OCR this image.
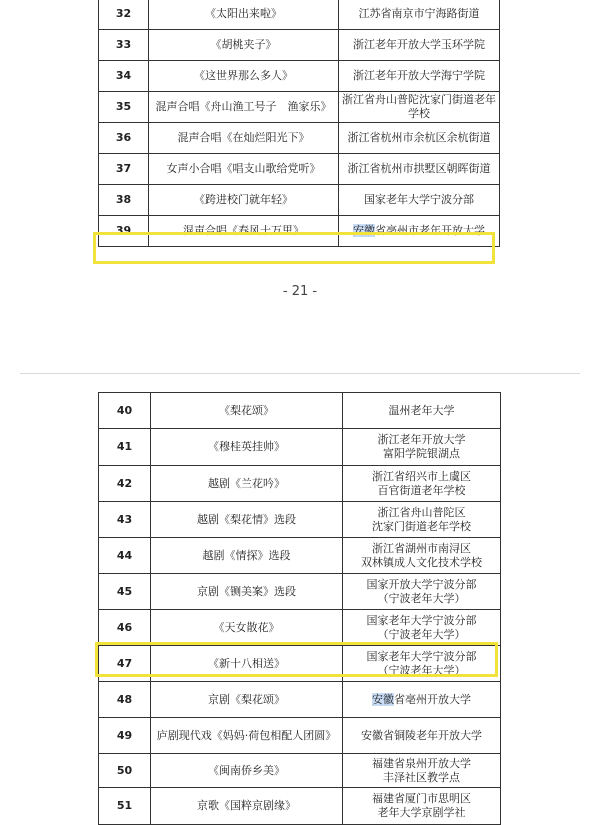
32	《太阳出来啦》	江苏省南京市宁海路街道
33	《胡桃夹子》	浙江老年开放大学玉环学院
34	《这世界那么多人》	浙江老年开放大学海宁学院
35	混声合唱《舟山渔工号子　渔家乐》	浙江省舟山普陀沈家门街道老年学校
36	混声合唱《在灿烂阳光下》	浙江省杭州市余杭区余杭街道
37	女声小合唱《唱支山歌给党听》	浙江省杭州市拱墅区朝晖街道
38	《跨进校门就年轻》	国家老年大学宁波分部
39	混声合唱《春风十万里》	安徽省亳州市老年开放大学
- 21 -
40	《梨花颂》	温州老年大学
41	《穆桂英挂帅》	浙江老年开放大学
富阳学院银湖点
42	越剧《兰花吟》	浙江省绍兴市上虞区
百官街道老年学校
43	越剧《梨花情》选段	浙江省舟山普陀区
沈家门街道老年学校
44	越剧《情探》选段	浙江省湖州市南浔区
双林镇成人文化技术学校
45	京剧《铡美案》选段	国家开放大学宁波分部
（宁波老年大学）
46	《天女散花》	国家老年大学宁波分部
（宁波老年大学）
47	《新十八相送》	国家老年大学宁波分部
（宁波老年大学）
48	京剧《梨花颂》	安徽省亳州开放大学
49	庐剧现代戏《妈妈·荷包相配人团圆》	安徽省铜陵老年开放大学
50	《闽南侨乡美》	福建省泉州开放大学
丰泽社区教学点
51	京歌《国粹京剧缘》	福建省厦门市思明区
老年大学京剧学社
